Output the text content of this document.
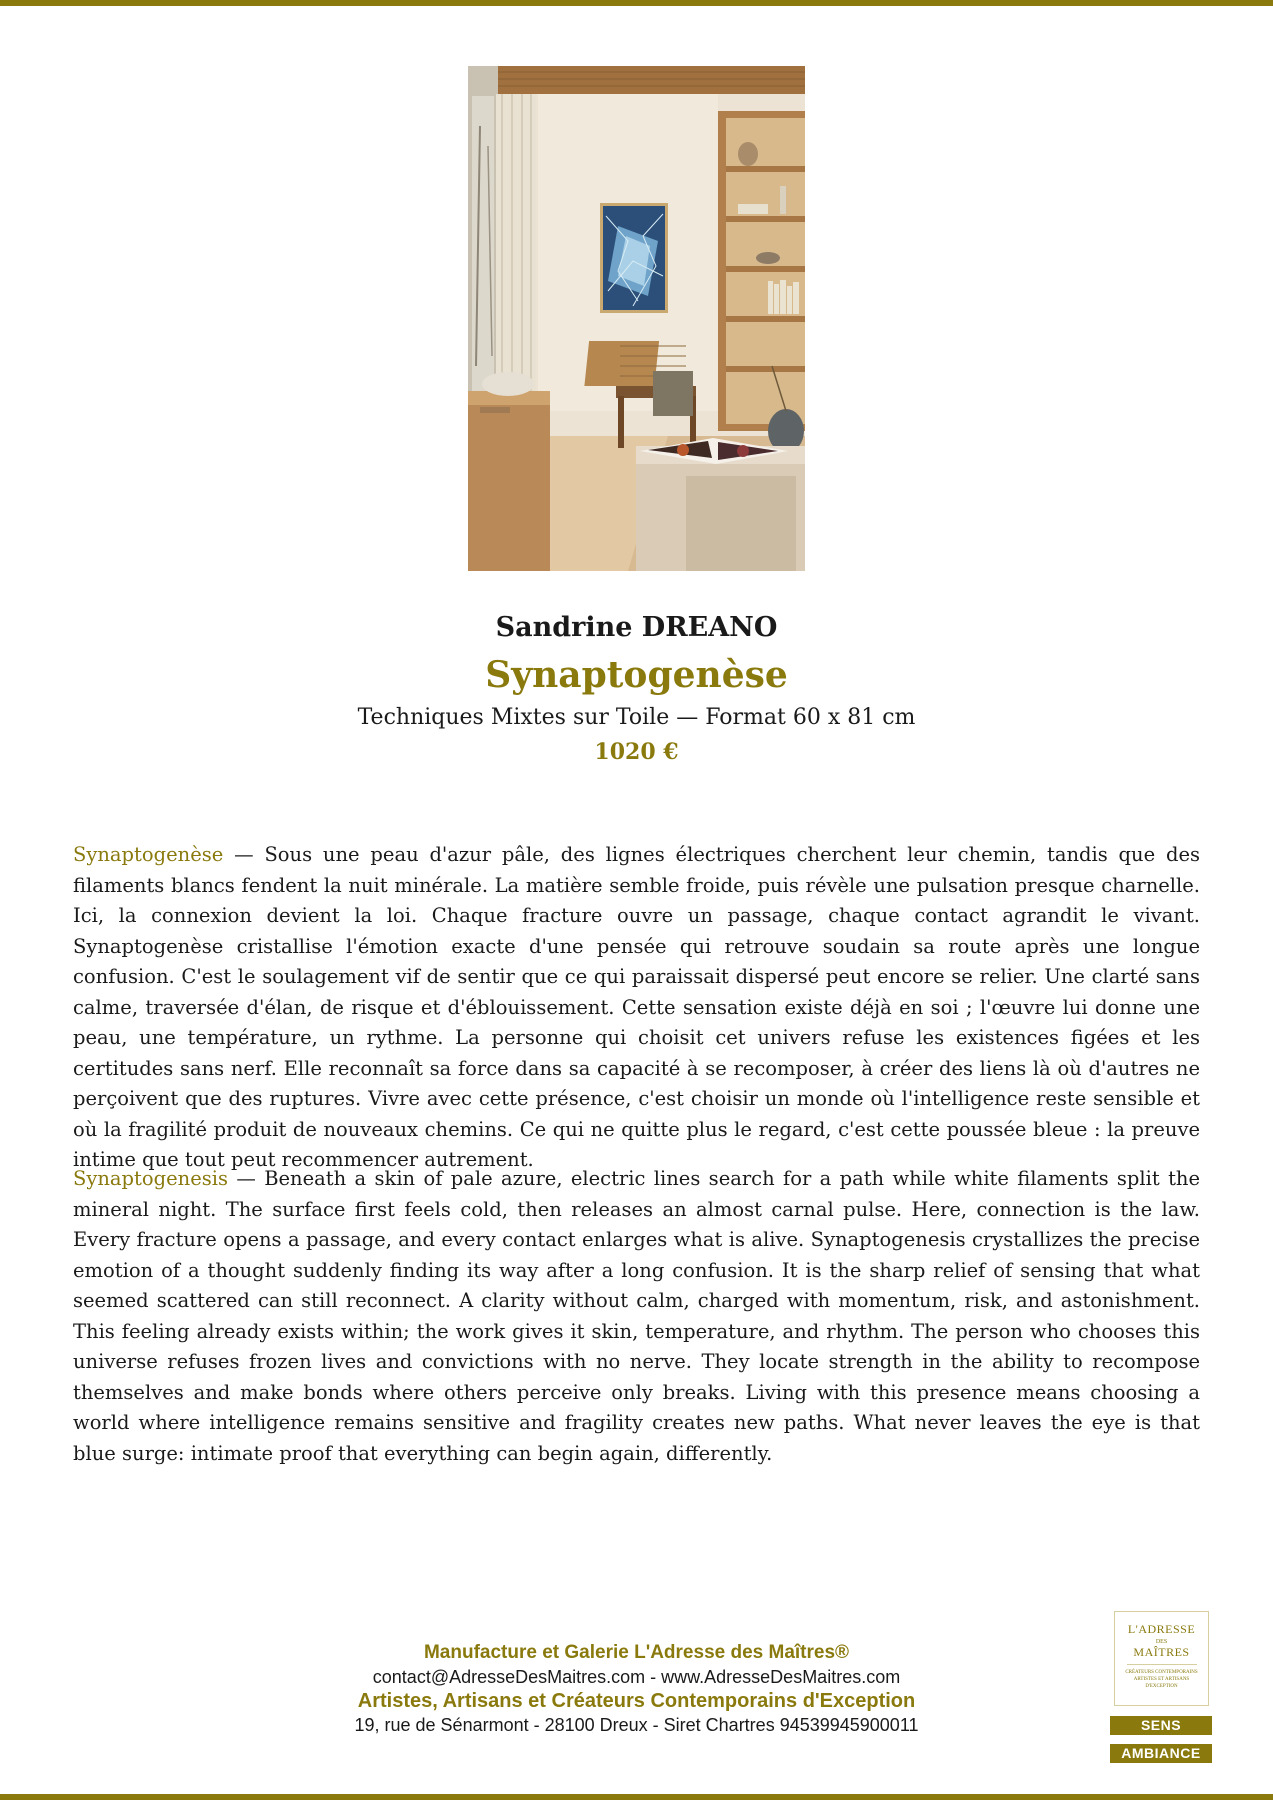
Sandrine DREANO
Synaptogenèse
Techniques Mixtes sur Toile — Format 60 x 81 cm
1020 €

Synaptogenèse — Sous une peau d'azur pâle, des lignes électriques cherchent leur chemin, tandis que des filaments blancs fendent la nuit minérale. La matière semble froide, puis révèle une pulsation presque charnelle. Ici, la connexion devient la loi. Chaque fracture ouvre un passage, chaque contact agrandit le vivant. Synaptogenèse cristallise l'émotion exacte d'une pensée qui retrouve soudain sa route après une longue confusion. C'est le soulagement vif de sentir que ce qui paraissait dispersé peut encore se relier. Une clarté sans calme, traversée d'élan, de risque et d'éblouissement. Cette sensation existe déjà en soi ; l'œuvre lui donne une peau, une température, un rythme. La personne qui choisit cet univers refuse les existences figées et les certitudes sans nerf. Elle reconnaît sa force dans sa capacité à se recomposer, à créer des liens là où d'autres ne perçoivent que des ruptures. Vivre avec cette présence, c'est choisir un monde où l'intelligence reste sensible et où la fragilité produit de nouveaux chemins. Ce qui ne quitte plus le regard, c'est cette poussée bleue : la preuve intime que tout peut recommencer autrement.

Synaptogenesis — Beneath a skin of pale azure, electric lines search for a path while white filaments split the mineral night. The surface first feels cold, then releases an almost carnal pulse. Here, connection is the law. Every fracture opens a passage, and every contact enlarges what is alive. Synaptogenesis crystallizes the precise emotion of a thought suddenly finding its way after a long confusion. It is the sharp relief of sensing that what seemed scattered can still reconnect. A clarity without calm, charged with momentum, risk, and astonishment. This feeling already exists within; the work gives it skin, temperature, and rhythm. The person who chooses this universe refuses frozen lives and convictions with no nerve. They locate strength in the ability to recompose themselves and make bonds where others perceive only breaks. Living with this presence means choosing a world where intelligence remains sensitive and fragility creates new paths. What never leaves the eye is that blue surge: intimate proof that everything can begin again, differently.

Manufacture et Galerie L'Adresse des Maîtres®
contact@AdresseDesMaitres.com - www.AdresseDesMaitres.com
Artistes, Artisans et Créateurs Contemporains d'Exception
19, rue de Sénarmont - 28100 Dreux - Siret Chartres 94539945900011
L'ADRESSE
DES
MAÎTRES
CRÉATEURS CONTEMPORAINS ARTISTES ET ARTISANS D'EXCEPTION
SENS
AMBIANCE
